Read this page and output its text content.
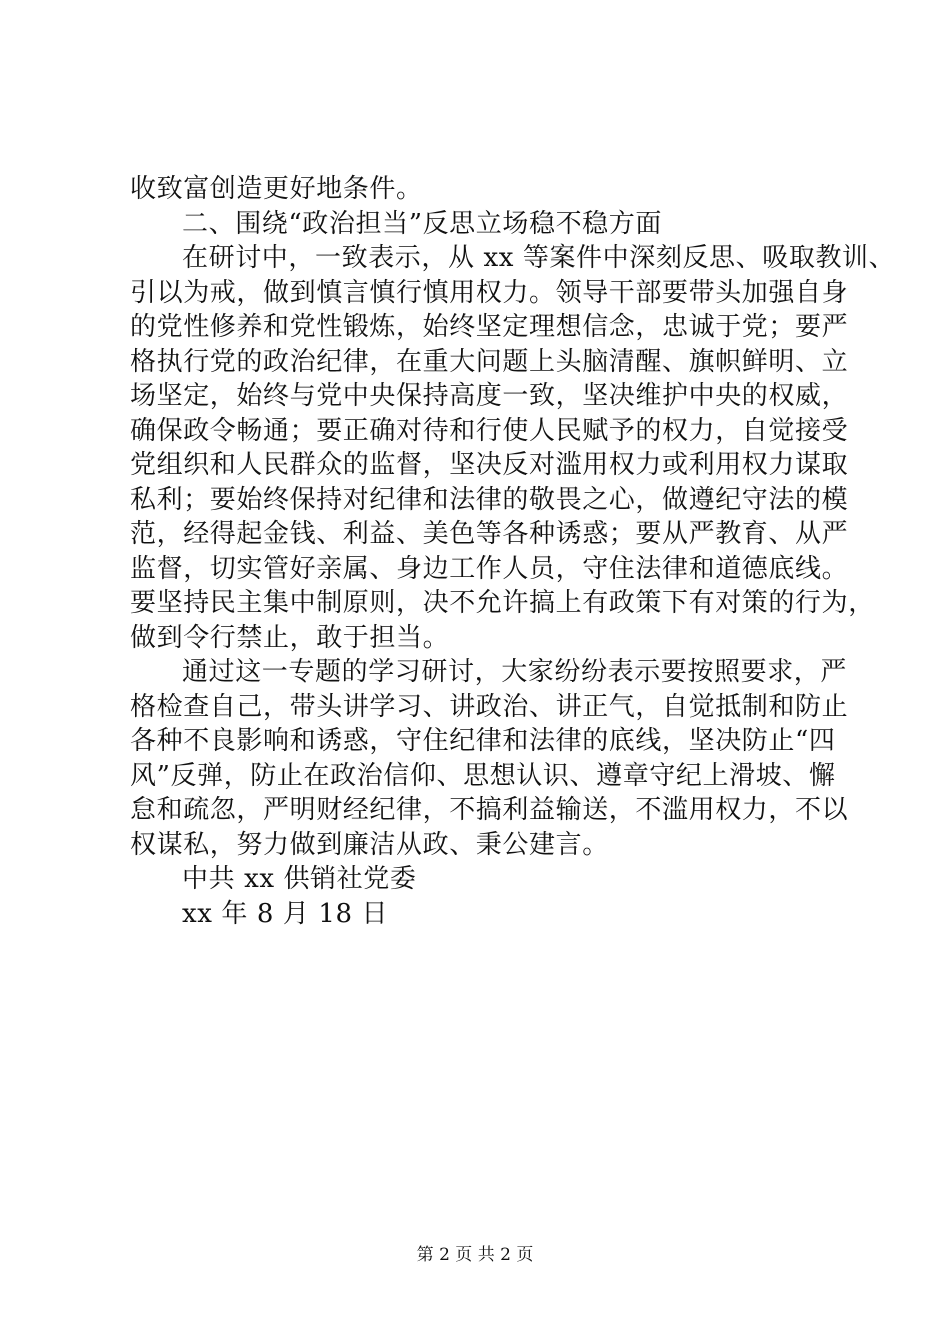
收致富创造更好地条件。
二、围绕“政治担当”反思立场稳不稳方面
在研讨中，一致表示，从 xx 等案件中深刻反思、吸取教训、
引以为戒，做到慎言慎行慎用权力。领导干部要带头加强自身
的党性修养和党性锻炼，始终坚定理想信念，忠诚于党；要严
格执行党的政治纪律，在重大问题上头脑清醒、旗帜鲜明、立
场坚定，始终与党中央保持高度一致，坚决维护中央的权威，
确保政令畅通；要正确对待和行使人民赋予的权力，自觉接受
党组织和人民群众的监督，坚决反对滥用权力或利用权力谋取
私利；要始终保持对纪律和法律的敬畏之心，做遵纪守法的模
范，经得起金钱、利益、美色等各种诱惑；要从严教育、从严
监督，切实管好亲属、身边工作人员，守住法律和道德底线。
要坚持民主集中制原则，决不允许搞上有政策下有对策的行为，
做到令行禁止，敢于担当。
通过这一专题的学习研讨，大家纷纷表示要按照要求，严
格检查自己，带头讲学习、讲政治、讲正气，自觉抵制和防止
各种不良影响和诱惑，守住纪律和法律的底线，坚决防止“四
风”反弹，防止在政治信仰、思想认识、遵章守纪上滑坡、懈
怠和疏忽，严明财经纪律，不搞利益输送，不滥用权力，不以
权谋私，努力做到廉洁从政、秉公建言。
中共 xx 供销社党委
xx 年 8 月 18 日
第 2 页 共 2 页
